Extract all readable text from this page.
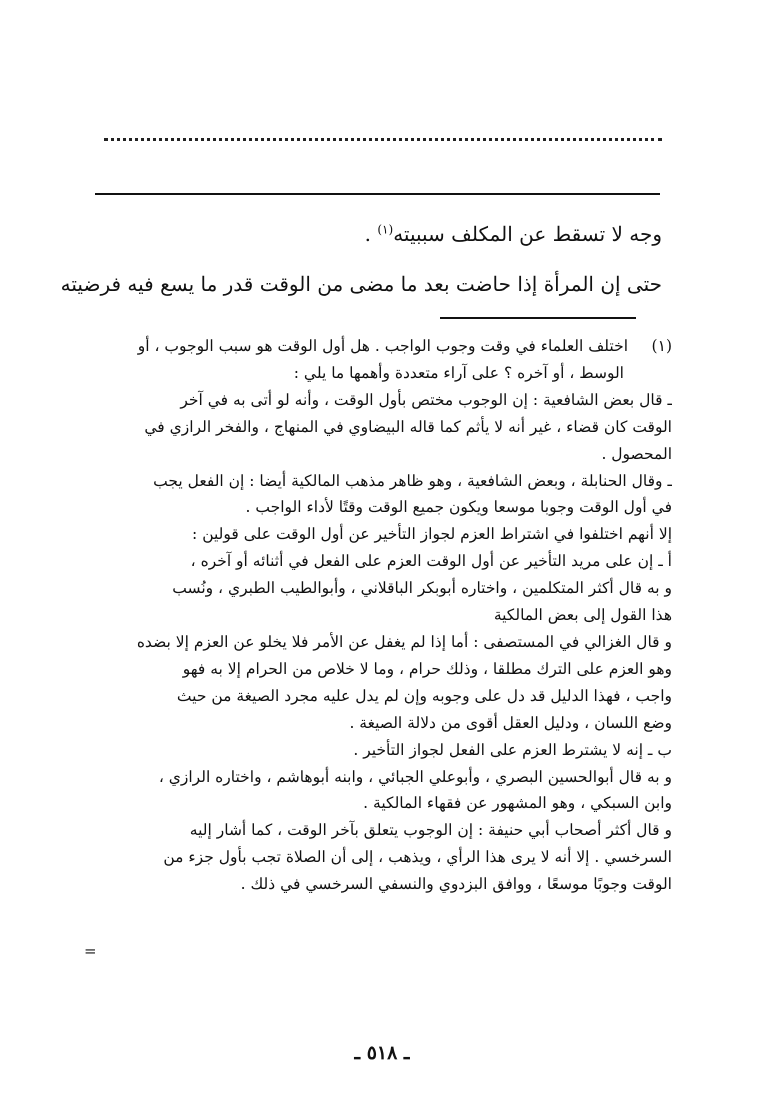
وجه لا تسقط عن المكلف سببيته$^{(١)}$ .
حتى إن المرأة إذا حاضت بعد ما مضى من الوقت قدر ما يسع فيه فرضيته
(١)اختلف العلماء في وقت وجوب الواجب . هل أول الوقت هو سبب الوجوب ، أو
الوسط ، أو آخره ؟ على آراء متعددة وأهمها ما يلي :
ـ قال بعض الشافعية : إن الوجوب مختص بأول الوقت ، وأنه لو أتى به في آخر
الوقت كان قضاء ، غير أنه لا يأثم كما قاله البيضاوي في المنهاج ، والفخر الرازي في
المحصول .
ـ وقال الحنابلة ، وبعض الشافعية ، وهو ظاهر مذهب المالكية أيضا : إن الفعل يجب
في أول الوقت وجوبا موسعا ويكون جميع الوقت وقتًا لأداء الواجب .
إلا أنهم اختلفوا في اشتراط العزم لجواز التأخير عن أول الوقت على قولين :
أ ـ إن على مريد التأخير عن أول الوقت العزم على الفعل في أثنائه أو آخره ،
و به قال أكثر المتكلمين ، واختاره أبوبكر الباقلاني ، وأبوالطيب الطبري ، ونُسب
هذا القول إلى بعض المالكية
و قال الغزالي في المستصفى : أما إذا لم يغفل عن الأمر فلا يخلو عن العزم إلا بضده
وهو العزم على الترك مطلقا ، وذلك حرام ، وما لا خلاص من الحرام إلا به فهو
واجب ، فهذا الدليل قد دل على وجوبه وإن لم يدل عليه مجرد الصيغة من حيث
وضع اللسان ، ودليل العقل أقوى من دلالة الصيغة .
ب ـ إنه لا يشترط العزم على الفعل لجواز التأخير .
و به قال أبوالحسين البصري ، وأبوعلي الجبائي ، وابنه أبوهاشم ، واختاره الرازي ،
وابن السبكي ، وهو المشهور عن فقهاء المالكية .
و قال أكثر أصحاب أبي حنيفة : إن الوجوب يتعلق بآخر الوقت ، كما أشار إليه
السرخسي . إلا أنه لا يرى هذا الرأي ، ويذهب ، إلى أن الصلاة تجب بأول جزء من
الوقت وجوبًا موسعًا ، ووافق البزدوي والنسفي السرخسي في ذلك .
=
ـ ٥١٨ ـ
